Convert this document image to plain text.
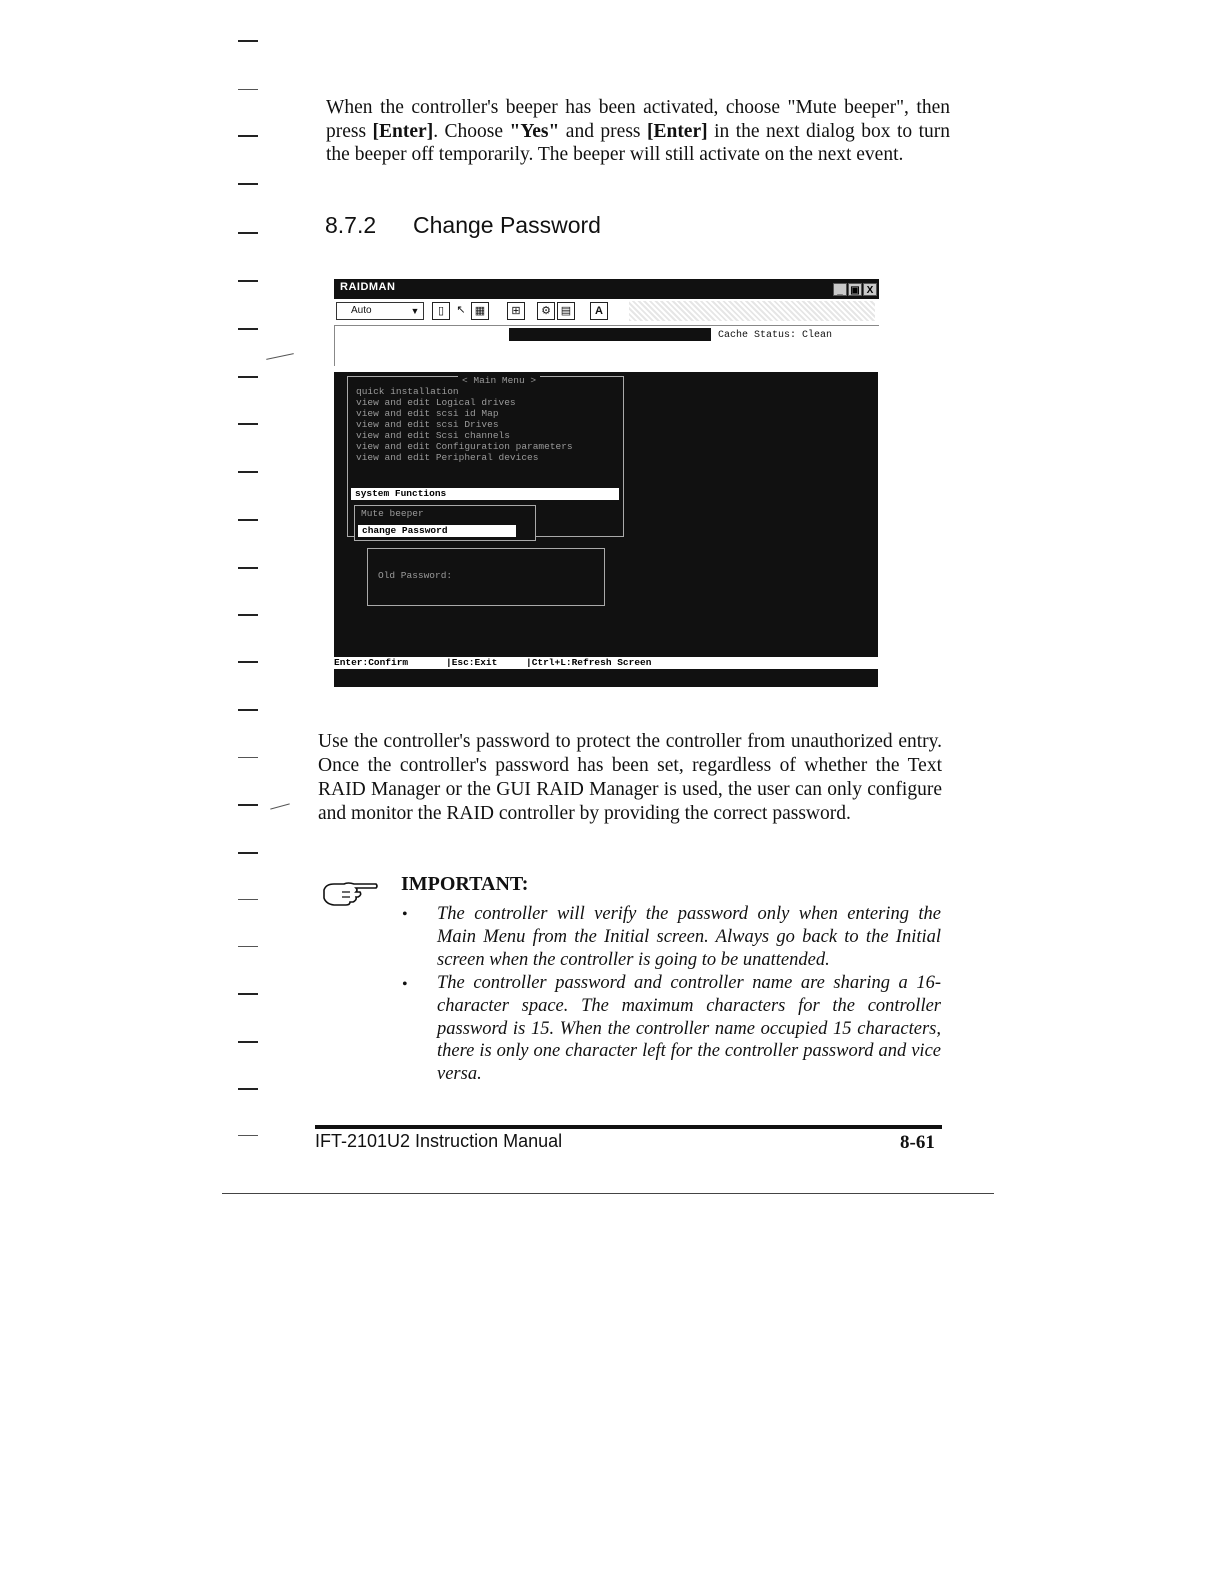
When the controller's beeper has been activated, choose "Mute beeper", then press [Enter]. Choose "Yes" and press [Enter] in the next dialog box to turn the beeper off temporarily. The beeper will still activate on the next event.

8.7.2 Change Password
RAIDMAN	_ ▣ X
Auto	▼	▯	↖ ▦	⊞	⚙ ▤	A
Cache Status: Clean
< Main Menu >
quick installation
view and edit Logical drives
view and edit scsi id Map
view and edit scsi Drives
view and edit Scsi channels
view and edit Configuration parameters
view and edit Peripheral devices
system Functions
Mute beeper
change Password
Old Password:
Enter:Confirm	|Esc:Exit	|Ctrl+L:Refresh Screen

Use the controller's password to protect the controller from unauthorized entry. Once the controller's password has been set, regardless of whether the Text RAID Manager or the GUI RAID Manager is used, the user can only configure and monitor the RAID controller by providing the correct password.

IMPORTANT:
• The controller will verify the password only when entering the Main Menu from the Initial screen. Always go back to the Initial screen when the controller is going to be unattended.

• The controller password and controller name are sharing a 16-character space. The maximum characters for the controller password is 15. When the controller name occupied 15 characters, there is only one character left for the controller password and vice versa.

IFT-2101U2 Instruction Manual	8-61
